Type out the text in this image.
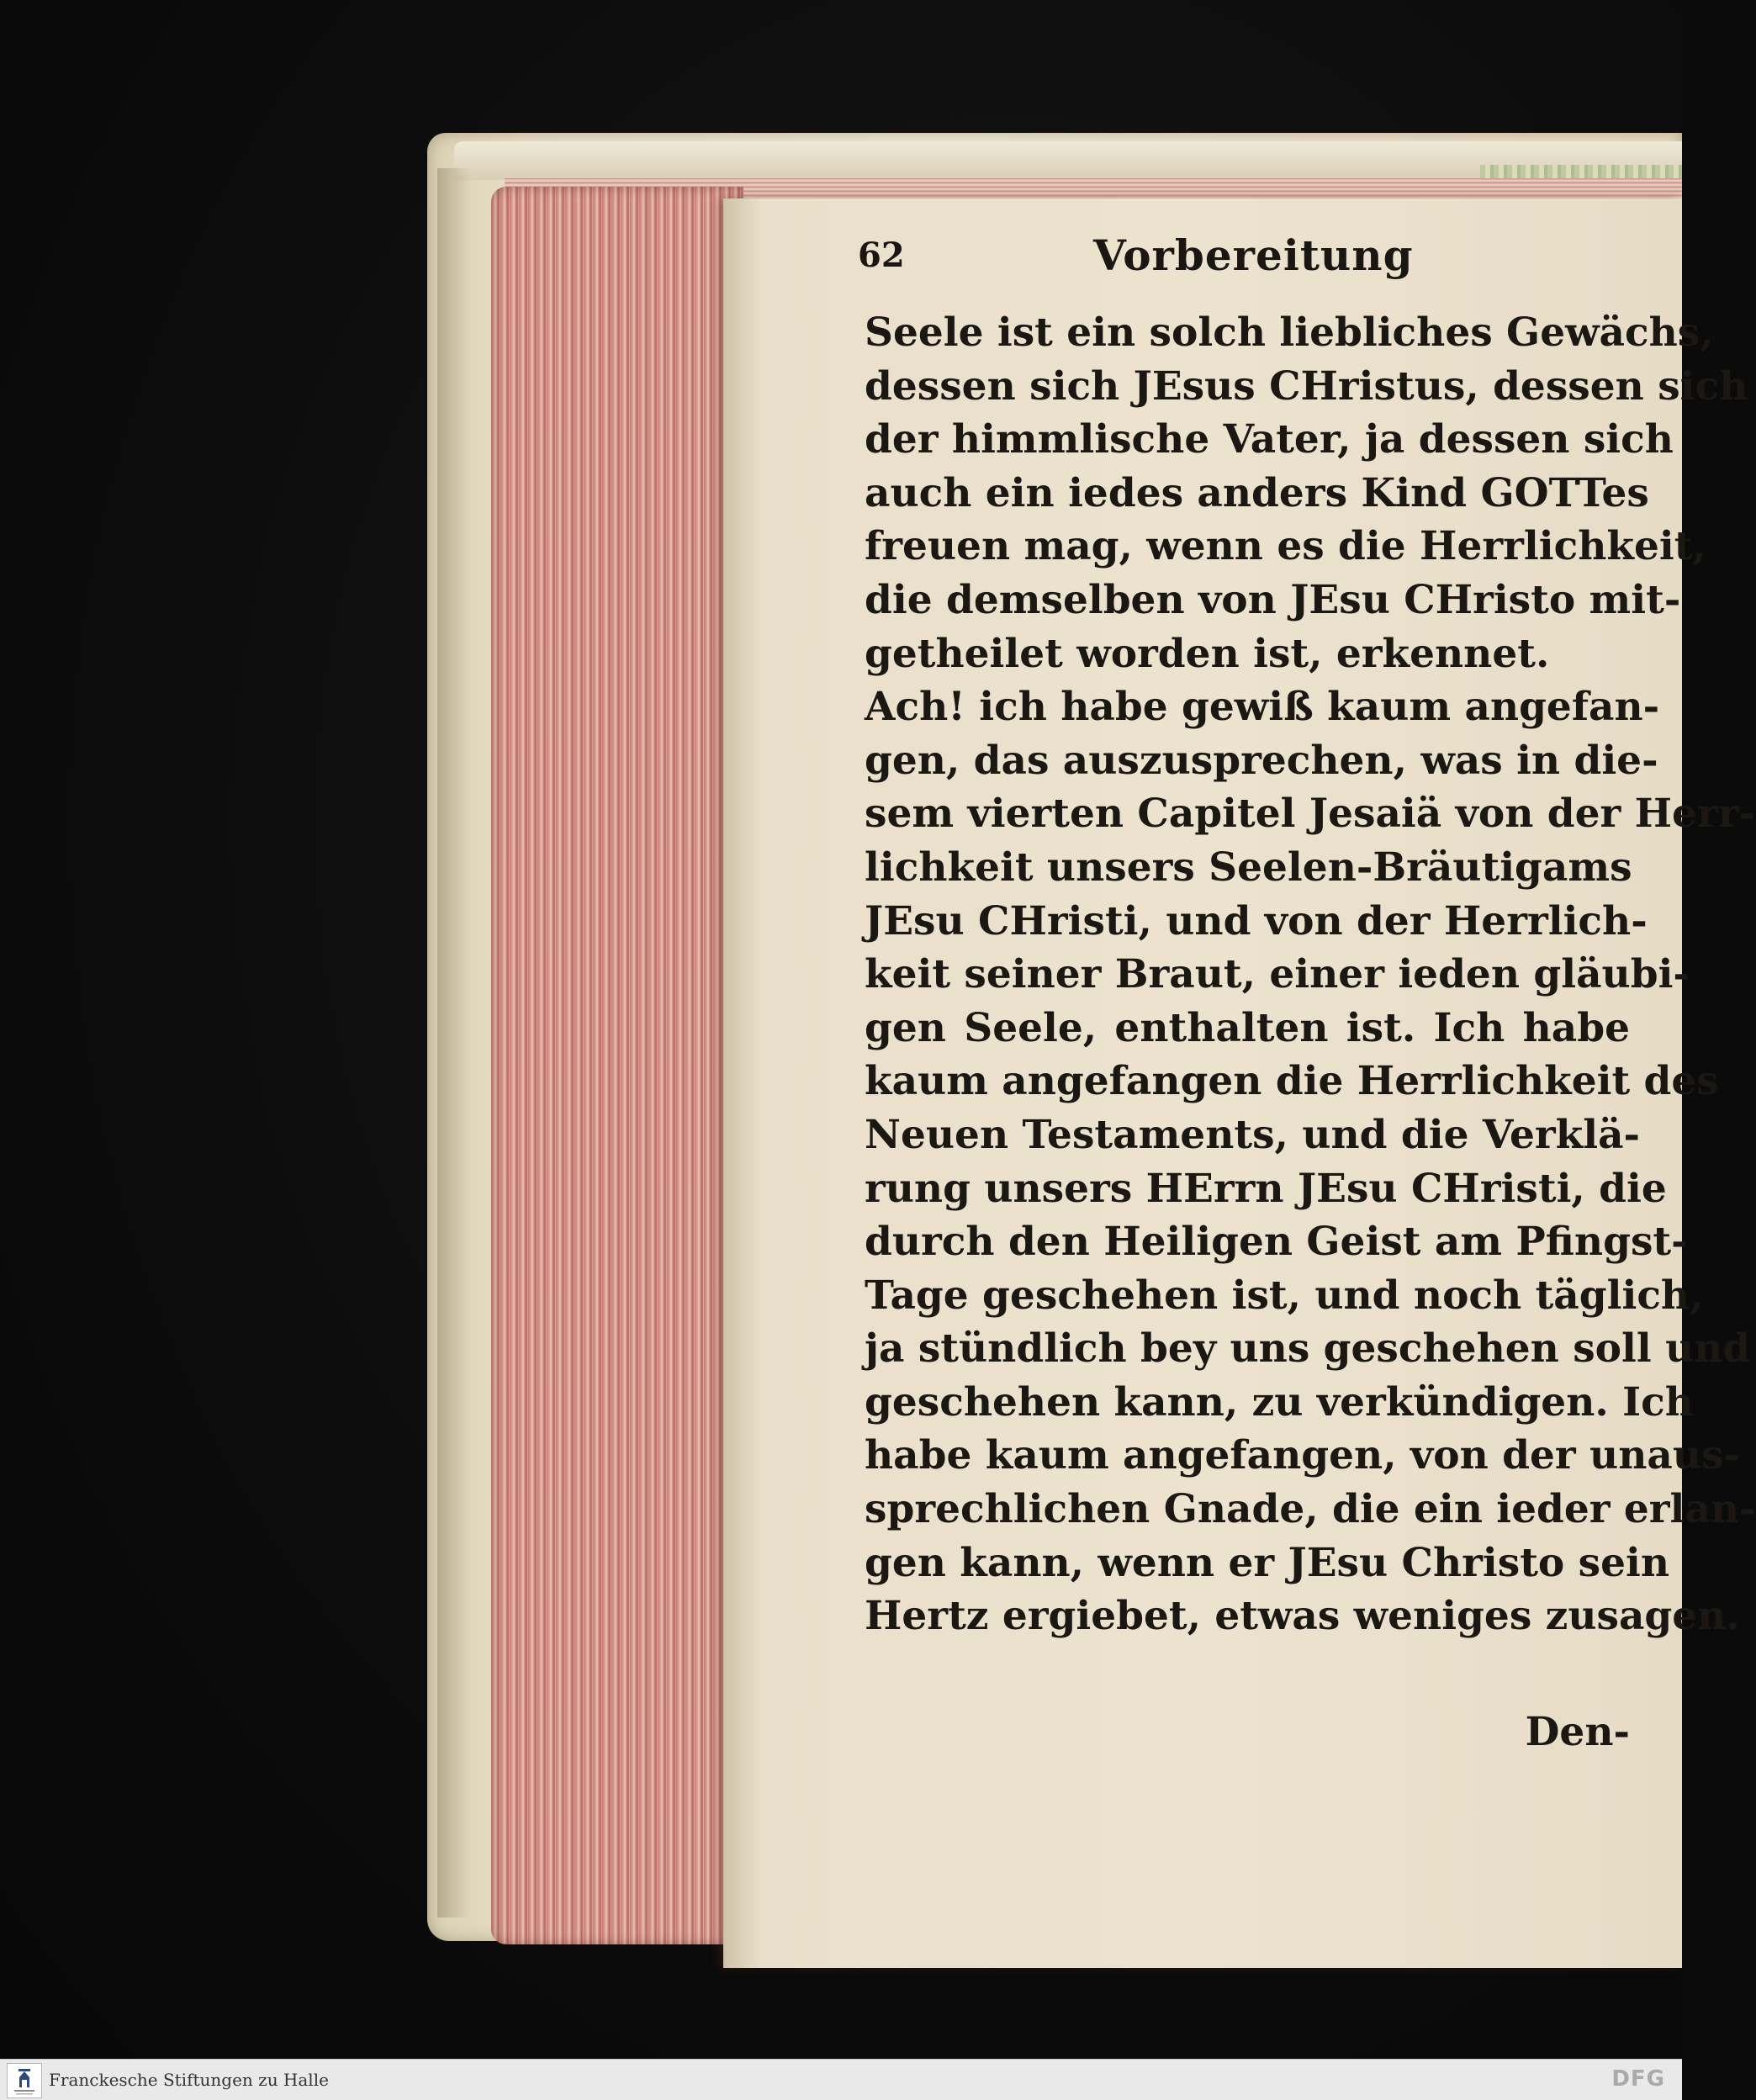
62	Vorbereitung
Seele ist ein solch liebliches Gewächs,
dessen sich JEsus CHristus, dessen sich
der himmlische Vater, ja dessen sich
auch ein iedes anders Kind GOTTes
freuen mag, wenn es die Herrlichkeit,
die demselben von JEsu CHristo mit-
getheilet worden ist, erkennet.
Ach! ich habe gewiß kaum angefan-
gen, das auszusprechen, was in die-
sem vierten Capitel Jesaiä von der Herr-
lichkeit unsers Seelen-Bräutigams
JEsu CHristi, und von der Herrlich-
keit seiner Braut, einer ieden gläubi-
gen Seele, enthalten ist. Ich habe
kaum angefangen die Herrlichkeit des
Neuen Testaments, und die Verklä-
rung unsers HErrn JEsu CHristi, die
durch den Heiligen Geist am Pfingst-
Tage geschehen ist, und noch täglich,
ja stündlich bey uns geschehen soll und
geschehen kann, zu verkündigen. Ich
habe kaum angefangen, von der unaus-
sprechlichen Gnade, die ein ieder erlan-
gen kann, wenn er JEsu Christo sein
Hertz ergiebet, etwas weniges zusagen.
Den-
Franckesche Stiftungen zu Halle	DFG
